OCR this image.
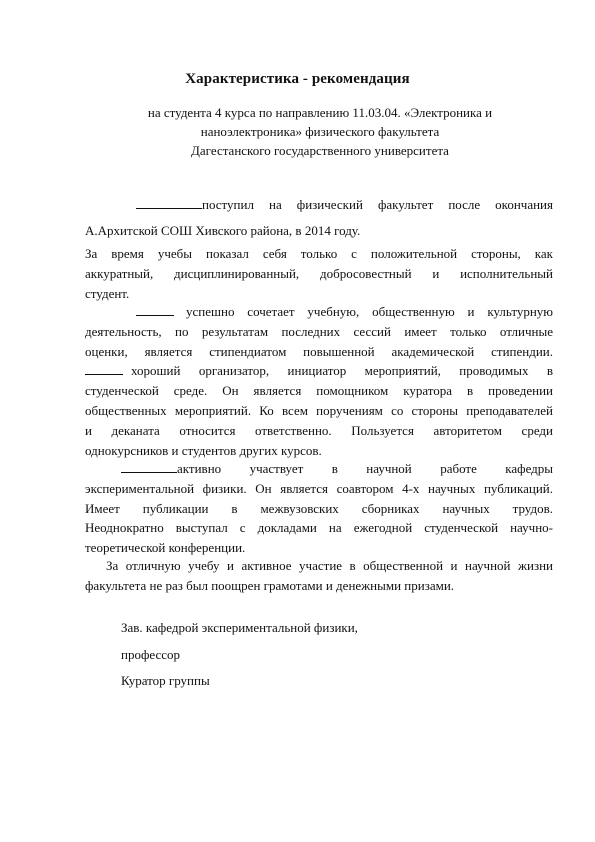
Характеристика - рекомендация
на студента 4 курса по направлению 11.03.04. «Электроника и
наноэлектроника» физического факультета
Дагестанского государственного университета
поступил на физический факультет после окончания
А.Архитской СОШ Хивского района, в 2014 году.
За время учебы показал себя только с положительной стороны, как
аккуратный, дисциплинированный, добросовестный и исполнительный
студент.
успешно сочетает учебную, общественную и культурную
деятельность, по результатам последних сессий имеет только отличные
оценки, является стипендиатом повышенной академической стипендии.
хороший организатор, инициатор мероприятий, проводимых в
студенческой среде. Он является помощником куратора в проведении
общественных мероприятий. Ко всем поручениям со стороны преподавателей
и деканата относится ответственно. Пользуется авторитетом среди
однокурсников и студентов других курсов.
активно участвует в научной работе кафедры
экспериментальной физики. Он является соавтором 4-х научных публикаций.
Имеет публикации в межвузовских сборниках научных трудов.
Неоднократно выступал с докладами на ежегодной студенческой научно-
теоретической конференции.
За отличную учебу и активное участие в общественной и научной жизни
факультета не раз был поощрен грамотами и денежными призами.
Зав. кафедрой экспериментальной физики,
профессор
Куратор группы
